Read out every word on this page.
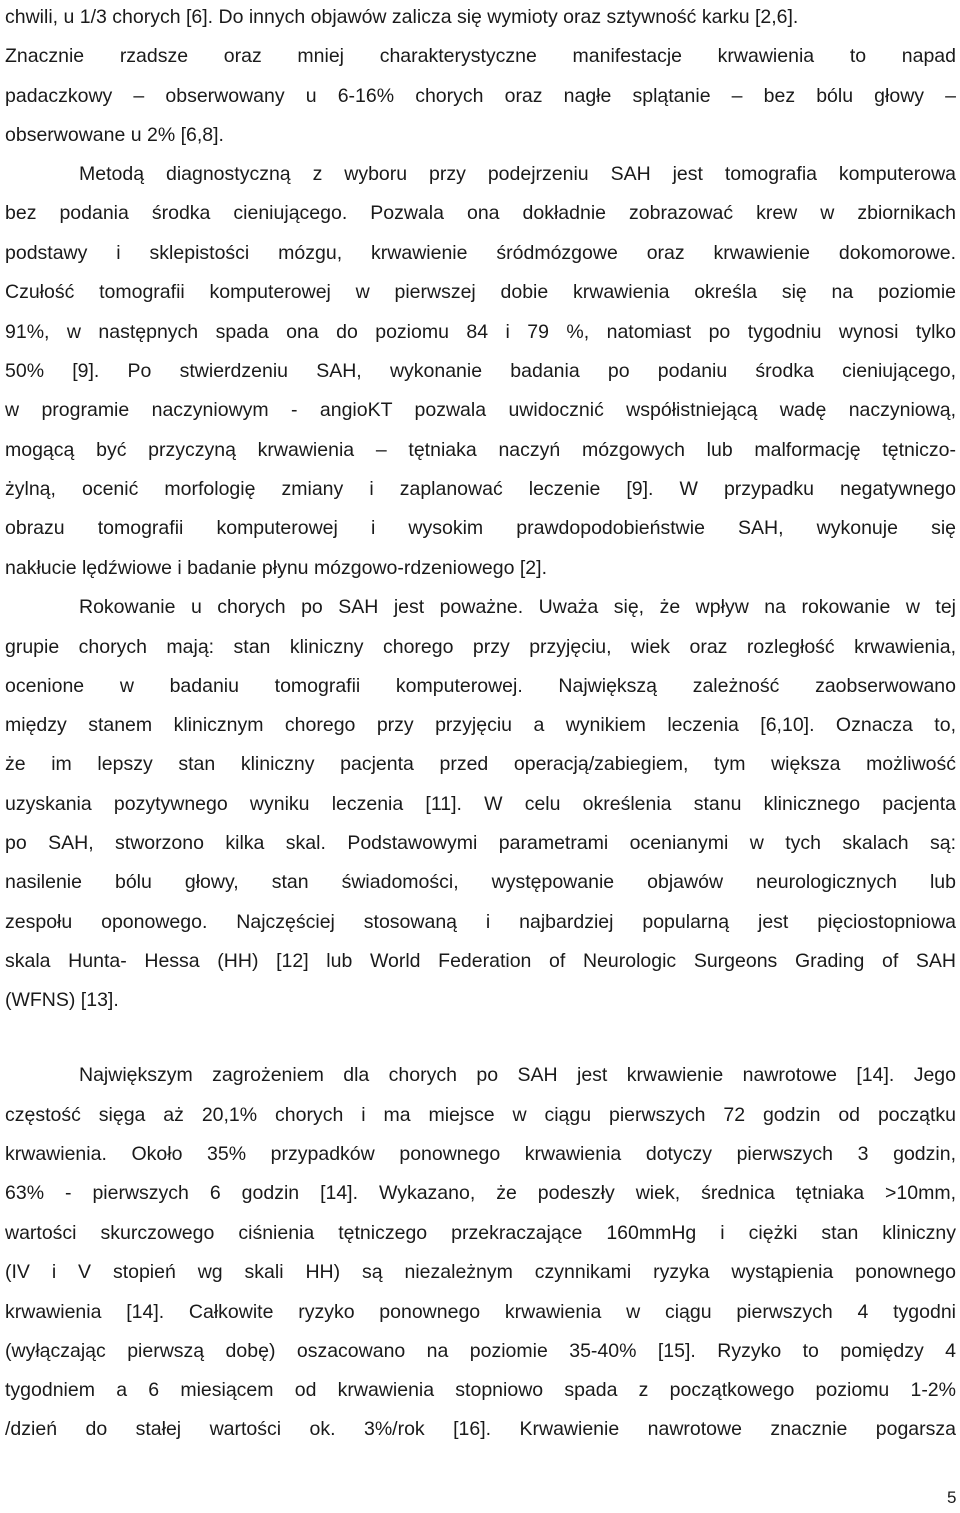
chwili, u 1/3 chorych [6]. Do innych objawów zalicza się wymioty oraz sztywność karku [2,6].
Znacznie rzadsze oraz mniej charakterystyczne manifestacje krwawienia to napad
padaczkowy – obserwowany u 6-16% chorych oraz nagłe splątanie – bez bólu głowy –
obserwowane u 2% [6,8].
Metodą diagnostyczną z wyboru przy podejrzeniu SAH jest tomografia komputerowa
bez podania środka cieniującego. Pozwala ona dokładnie zobrazować krew w zbiornikach
podstawy i sklepistości mózgu, krwawienie śródmózgowe oraz krwawienie dokomorowe.
Czułość tomografii komputerowej w pierwszej dobie krwawienia określa się na poziomie
91%, w następnych spada ona do poziomu 84 i 79 %, natomiast po tygodniu wynosi tylko
50% [9]. Po stwierdzeniu SAH, wykonanie badania po podaniu środka cieniującego,
w programie naczyniowym - angioKT pozwala uwidocznić współistniejącą wadę naczyniową,
mogącą być przyczyną krwawienia – tętniaka naczyń mózgowych lub malformację tętniczo-
żylną, ocenić morfologię zmiany i zaplanować leczenie [9]. W przypadku negatywnego
obrazu tomografii komputerowej i wysokim prawdopodobieństwie SAH, wykonuje się
nakłucie lędźwiowe i badanie płynu mózgowo-rdzeniowego [2].
Rokowanie u chorych po SAH jest poważne. Uważa się, że wpływ na rokowanie w tej
grupie chorych mają: stan kliniczny chorego przy przyjęciu, wiek oraz rozległość krwawienia,
ocenione w badaniu tomografii komputerowej. Największą zależność zaobserwowano
między stanem klinicznym chorego przy przyjęciu a wynikiem leczenia [6,10]. Oznacza to,
że im lepszy stan kliniczny pacjenta przed operacją/zabiegiem, tym większa możliwość
uzyskania pozytywnego wyniku leczenia [11]. W celu określenia stanu klinicznego pacjenta
po SAH, stworzono kilka skal. Podstawowymi parametrami ocenianymi w tych skalach są:
nasilenie bólu głowy, stan świadomości, występowanie objawów neurologicznych lub
zespołu oponowego. Najczęściej stosowaną i najbardziej popularną jest pięciostopniowa
skala Hunta- Hessa (HH) [12] lub World Federation of Neurologic Surgeons Grading of SAH
(WFNS) [13].
Największym zagrożeniem dla chorych po SAH jest krwawienie nawrotowe [14]. Jego
częstość sięga aż 20,1% chorych i ma miejsce w ciągu pierwszych 72 godzin od początku
krwawienia. Około 35% przypadków ponownego krwawienia dotyczy pierwszych 3 godzin,
63% - pierwszych 6 godzin [14]. Wykazano, że podeszły wiek, średnica tętniaka >10mm,
wartości skurczowego ciśnienia tętniczego przekraczające 160mmHg i ciężki stan kliniczny
(IV i V stopień wg skali HH) są niezależnym czynnikami ryzyka wystąpienia ponownego
krwawienia [14]. Całkowite ryzyko ponownego krwawienia w ciągu pierwszych 4 tygodni
(wyłączając pierwszą dobę) oszacowano na poziomie 35-40% [15]. Ryzyko to pomiędzy 4
tygodniem a 6 miesiącem od krwawienia stopniowo spada z początkowego poziomu 1-2%
/dzień do stałej wartości ok. 3%/rok [16]. Krwawienie nawrotowe znacznie pogarsza
5
